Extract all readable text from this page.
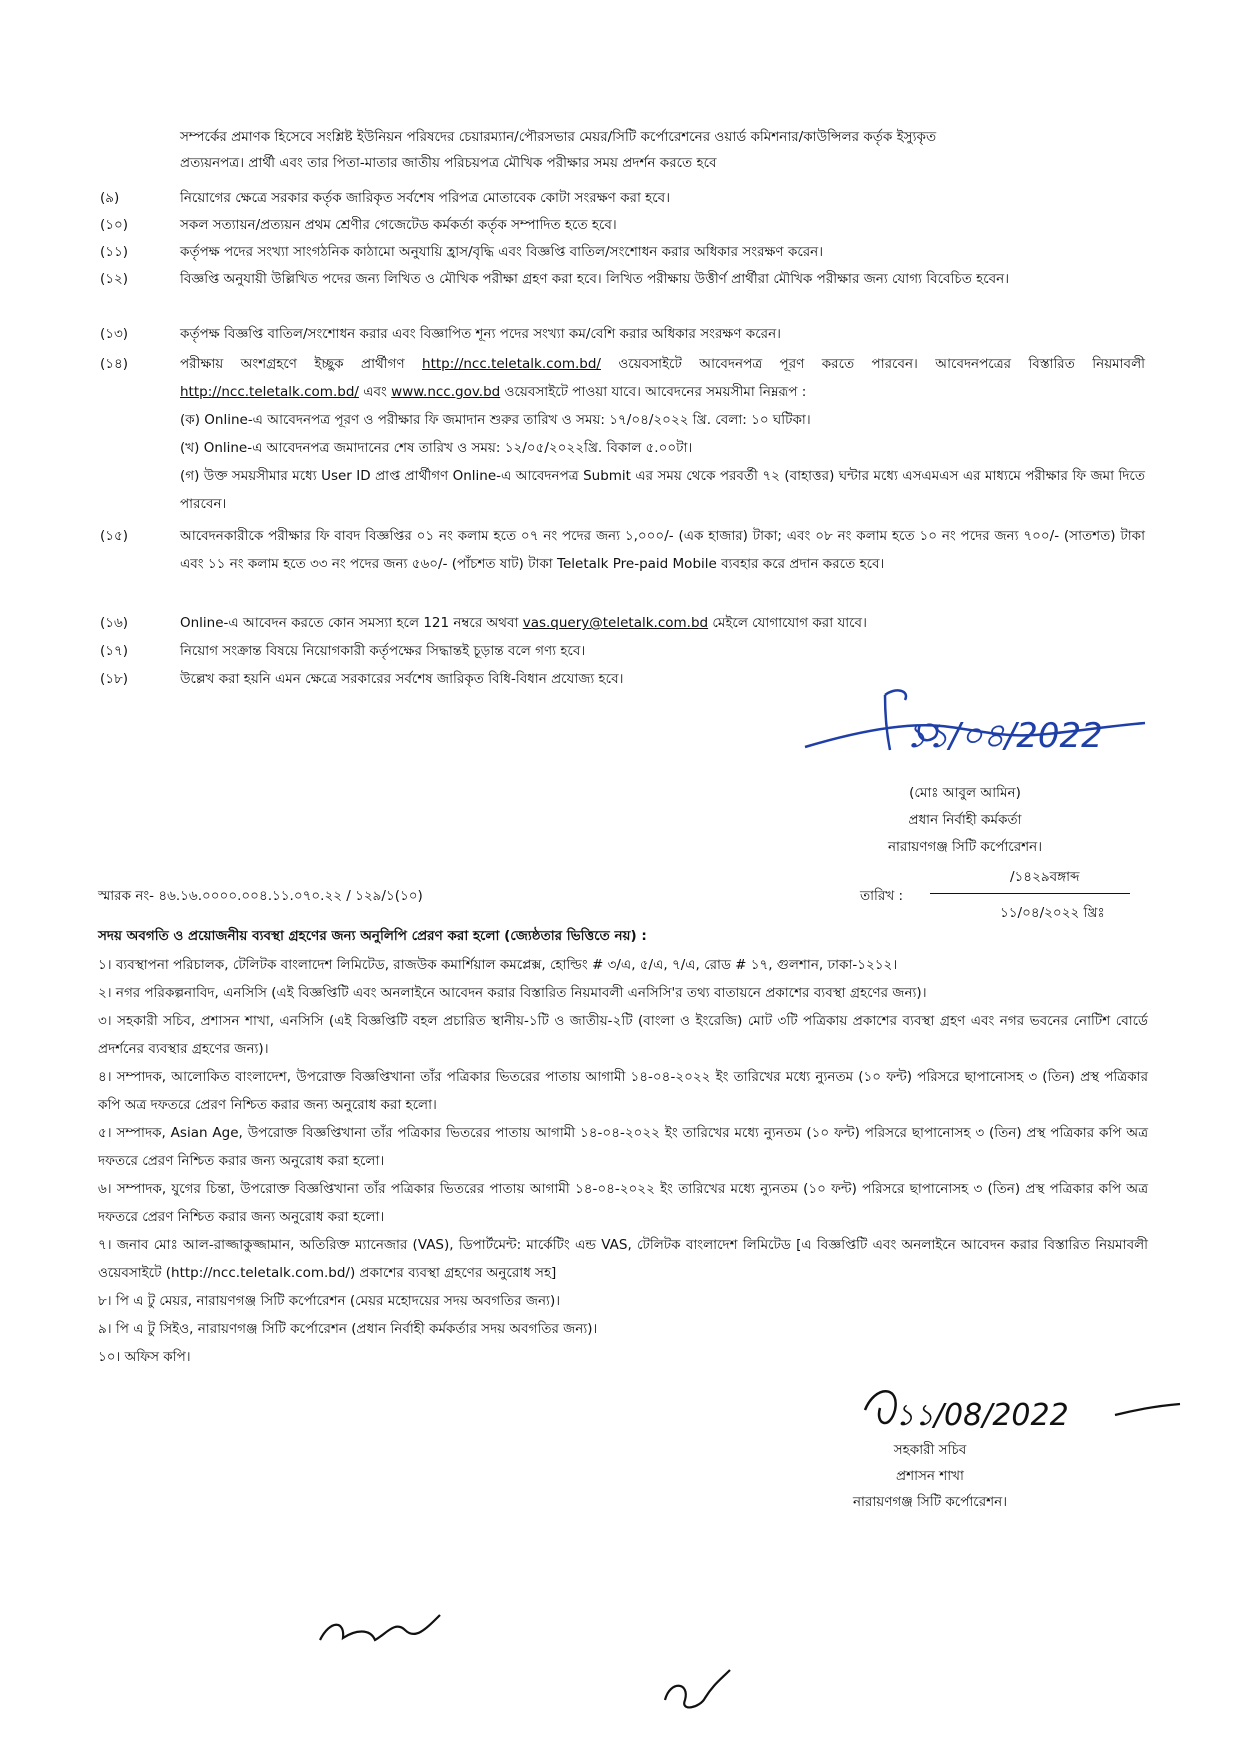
সম্পর্কের প্রমাণক হিসেবে সংশ্লিষ্ট ইউনিয়ন পরিষদের চেয়ারম্যান/পৌরসভার মেয়র/সিটি কর্পোরেশনের ওয়ার্ড কমিশনার/কাউন্সিলর কর্তৃক ইস্যুকৃত
প্রত্যয়নপত্র। প্রার্থী এবং তার পিতা-মাতার জাতীয় পরিচয়পত্র মৌখিক পরীক্ষার সময় প্রদর্শন করতে হবে
(৯)	নিয়োগের ক্ষেত্রে সরকার কর্তৃক জারিকৃত সর্বশেষ পরিপত্র মোতাবেক কোটা সংরক্ষণ করা হবে।
(১০)	সকল সত্যায়ন/প্রত্যয়ন প্রথম শ্রেণীর গেজেটেড কর্মকর্তা কর্তৃক সম্পাদিত হতে হবে।
(১১)	কর্তৃপক্ষ পদের সংখ্যা সাংগঠনিক কাঠামো অনুযায়ি হ্রাস/বৃদ্ধি এবং বিজ্ঞপ্তি বাতিল/সংশোধন করার অধিকার সংরক্ষণ করেন।
(১২)	বিজ্ঞপ্তি অনুযায়ী উল্লিখিত পদের জন্য লিখিত ও মৌখিক পরীক্ষা গ্রহণ করা হবে। লিখিত পরীক্ষায় উত্তীর্ণ প্রার্থীরা মৌখিক পরীক্ষার জন্য যোগ্য বিবেচিত হবেন।
(১৩)	কর্তৃপক্ষ বিজ্ঞপ্তি বাতিল/সংশোধন করার এবং বিজ্ঞাপিত শূন্য পদের সংখ্যা কম/বেশি করার অধিকার সংরক্ষণ করেন।
(১৪)	পরীক্ষায় অংশগ্রহণে ইচ্ছুক প্রার্থীগণ http://ncc.teletalk.com.bd/ ওয়েবসাইটে আবেদনপত্র পূরণ করতে পারবেন। আবেদনপত্রের বিস্তারিত নিয়মাবলী http://ncc.teletalk.com.bd/ এবং www.ncc.gov.bd ওয়েবসাইটে পাওয়া যাবে। আবেদনের সময়সীমা নিম্নরূপ :
(ক) Online-এ আবেদনপত্র পূরণ ও পরীক্ষার ফি জমাদান শুরুর তারিখ ও সময়: ১৭/০৪/২০২২ খ্রি. বেলা: ১০ ঘটিকা।
(খ) Online-এ আবেদনপত্র জমাদানের শেষ তারিখ ও সময়: ১২/০৫/২০২২খ্রি. বিকাল ৫.০০টা।
(গ) উক্ত সময়সীমার মধ্যে User ID প্রাপ্ত প্রার্থীগণ Online-এ আবেদনপত্র Submit এর সময় থেকে পরবর্তী ৭২ (বাহাত্তর) ঘন্টার মধ্যে এসএমএস এর মাধ্যমে পরীক্ষার ফি জমা দিতে পারবেন।
(১৫)	আবেদনকারীকে পরীক্ষার ফি বাবদ বিজ্ঞপ্তির ০১ নং কলাম হতে ০৭ নং পদের জন্য ১,০০০/- (এক হাজার) টাকা; এবং ০৮ নং কলাম হতে ১০ নং পদের জন্য ৭০০/- (সাতশত) টাকা এবং ১১ নং কলাম হতে ৩৩ নং পদের জন্য ৫৬০/- (পাঁচশত ষাট) টাকা Teletalk Pre-paid Mobile ব্যবহার করে প্রদান করতে হবে।
(১৬)	Online-এ আবেদন করতে কোন সমস্যা হলে 121 নম্বরে অথবা vas.query@teletalk.com.bd মেইলে যোগাযোগ করা যাবে।
(১৭)	নিয়োগ সংক্রান্ত বিষয়ে নিয়োগকারী কর্তৃপক্ষের সিদ্ধান্তই চূড়ান্ত বলে গণ্য হবে।
(১৮)	উল্লেখ করা হয়নি এমন ক্ষেত্রে সরকারের সর্বশেষ জারিকৃত বিধি-বিধান প্রযোজ্য হবে।
১১/০৪/2022
(মোঃ আবুল আমিন)
প্রধান নির্বাহী কর্মকর্তা
নারায়ণগঞ্জ সিটি কর্পোরেশন।
স্মারক নং- ৪৬.১৬.০০০০.০০৪.১১.০৭০.২২ / ১২৯/১(১০)	তারিখ :
/১৪২৯বঙ্গাব্দ
১১/০৪/২০২২ খ্রিঃ
সদয় অবগতি ও প্রয়োজনীয় ব্যবস্থা গ্রহণের জন্য অনুলিপি প্রেরণ করা হলো (জ্যেষ্ঠতার ভিত্তিতে নয়) :
১। ব্যবস্থাপনা পরিচালক, টেলিটক বাংলাদেশ লিমিটেড, রাজউক কমার্শিয়াল কমপ্লেক্স, হোল্ডিং # ৩/এ, ৫/এ, ৭/এ, রোড # ১৭, গুলশান, ঢাকা-১২১২।
২। নগর পরিকল্পনাবিদ, এনসিসি (এই বিজ্ঞপ্তিটি এবং অনলাইনে আবেদন করার বিস্তারিত নিয়মাবলী এনসিসি'র তথ্য বাতায়নে প্রকাশের ব্যবস্থা গ্রহণের জন্য)।
৩। সহকারী সচিব, প্রশাসন শাখা, এনসিসি (এই বিজ্ঞপ্তিটি বহল প্রচারিত স্থানীয়-১টি ও জাতীয়-২টি (বাংলা ও ইংরেজি) মোট ৩টি পত্রিকায় প্রকাশের ব্যবস্থা গ্রহণ এবং নগর ভবনের নোটিশ বোর্ডে প্রদর্শনের ব্যবস্থার গ্রহণের জন্য)।
৪। সম্পাদক, আলোকিত বাংলাদেশ, উপরোক্ত বিজ্ঞপ্তিখানা তাঁর পত্রিকার ভিতরের পাতায় আগামী ১৪-০৪-২০২২ ইং তারিখের মধ্যে ন্যুনতম (১০ ফন্ট) পরিসরে ছাপানোসহ ৩ (তিন) প্রস্থ পত্রিকার কপি অত্র দফতরে প্রেরণ নিশ্চিত করার জন্য অনুরোধ করা হলো।
৫। সম্পাদক, Asian Age, উপরোক্ত বিজ্ঞপ্তিখানা তাঁর পত্রিকার ভিতরের পাতায় আগামী ১৪-০৪-২০২২ ইং তারিখের মধ্যে ন্যুনতম (১০ ফন্ট) পরিসরে ছাপানোসহ ৩ (তিন) প্রস্থ পত্রিকার কপি অত্র দফতরে প্রেরণ নিশ্চিত করার জন্য অনুরোধ করা হলো।
৬। সম্পাদক, যুগের চিন্তা, উপরোক্ত বিজ্ঞপ্তিখানা তাঁর পত্রিকার ভিতরের পাতায় আগামী ১৪-০৪-২০২২ ইং তারিখের মধ্যে ন্যুনতম (১০ ফন্ট) পরিসরে ছাপানোসহ ৩ (তিন) প্রস্থ পত্রিকার কপি অত্র দফতরে প্রেরণ নিশ্চিত করার জন্য অনুরোধ করা হলো।
৭। জনাব মোঃ আল-রাজ্জাকুজ্জামান, অতিরিক্ত ম্যানেজার (VAS), ডিপার্টমেন্ট: মার্কেটিং এন্ড VAS, টেলিটক বাংলাদেশ লিমিটেড [এ বিজ্ঞপ্তিটি এবং অনলাইনে আবেদন করার বিস্তারিত নিয়মাবলী ওয়েবসাইটে (http://ncc.teletalk.com.bd/) প্রকাশের ব্যবস্থা গ্রহণের অনুরোধ সহ]
৮। পি এ টু মেয়র, নারায়ণগঞ্জ সিটি কর্পোরেশন (মেয়র মহোদয়ের সদয় অবগতির জন্য)।
৯। পি এ টু সিইও, নারায়ণগঞ্জ সিটি কর্পোরেশন (প্রধান নির্বাহী কর্মকর্তার সদয় অবগতির জন্য)।
১০। অফিস কপি।
১১/08/2022
সহকারী সচিব
প্রশাসন শাখা
নারায়ণগঞ্জ সিটি কর্পোরেশন।
